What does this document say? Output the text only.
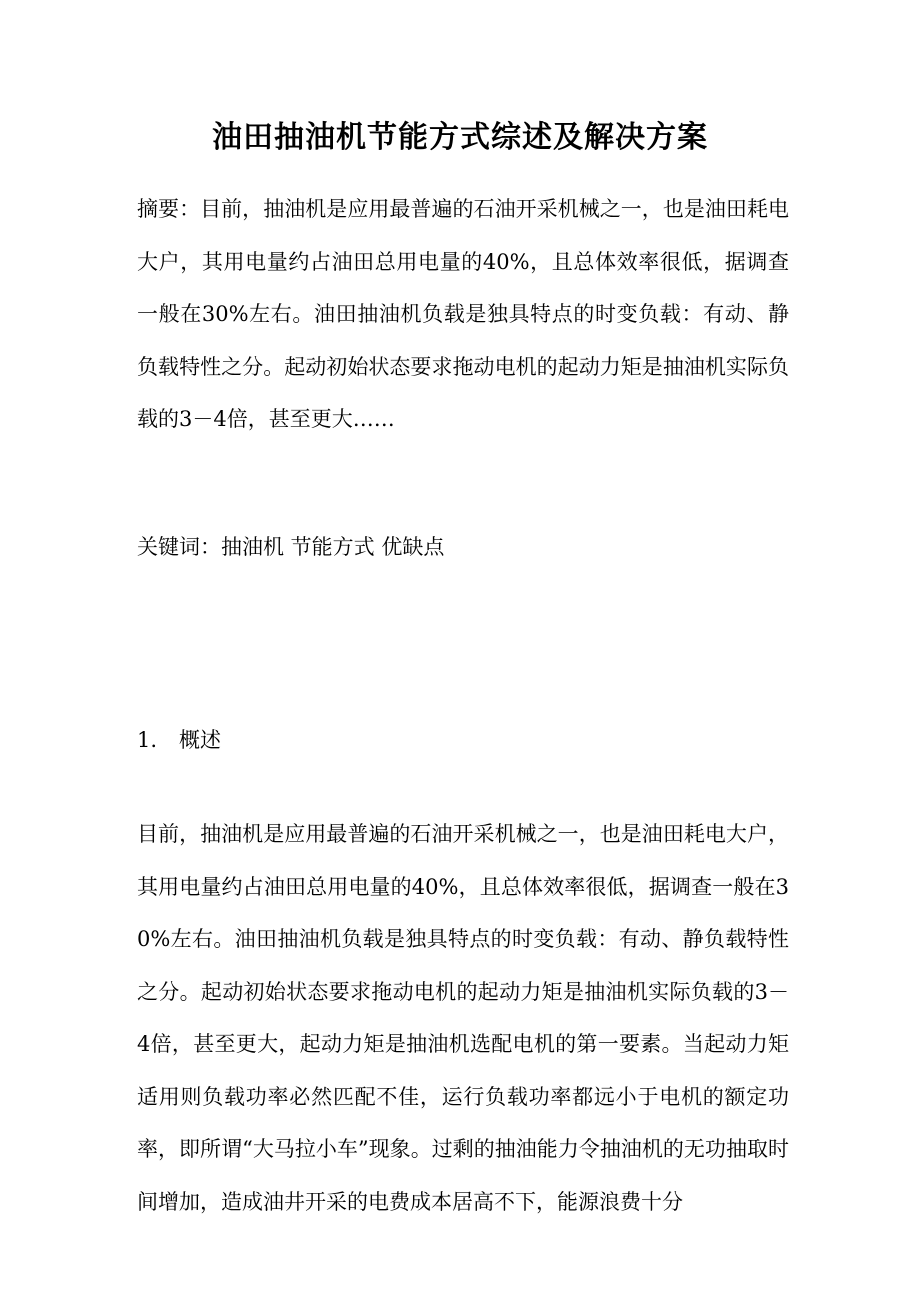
油田抽油机节能方式综述及解决方案

摘要：目前，抽油机是应用最普遍的石油开采机械之一，也是油田耗电大户，其用电量约占油田总用电量的40%，且总体效率很低，据调查一般在30%左右。油田抽油机负载是独具特点的时变负载：有动、静负载特性之分。起动初始状态要求拖动电机的起动力矩是抽油机实际负载的3－4倍，甚至更大……

关键词：抽油机 节能方式 优缺点

1. 概述

目前，抽油机是应用最普遍的石油开采机械之一，也是油田耗电大户，其用电量约占油田总用电量的40%，且总体效率很低，据调查一般在30%左右。油田抽油机负载是独具特点的时变负载：有动、静负载特性之分。起动初始状态要求拖动电机的起动力矩是抽油机实际负载的3－4倍，甚至更大，起动力矩是抽油机选配电机的第一要素。当起动力矩适用则负载功率必然匹配不佳，运行负载功率都远小于电机的额定功率，即所谓“大马拉小车”现象。过剩的抽油能力令抽油机的无功抽取时间增加，造成油井开采的电费成本居高不下，能源浪费十分
